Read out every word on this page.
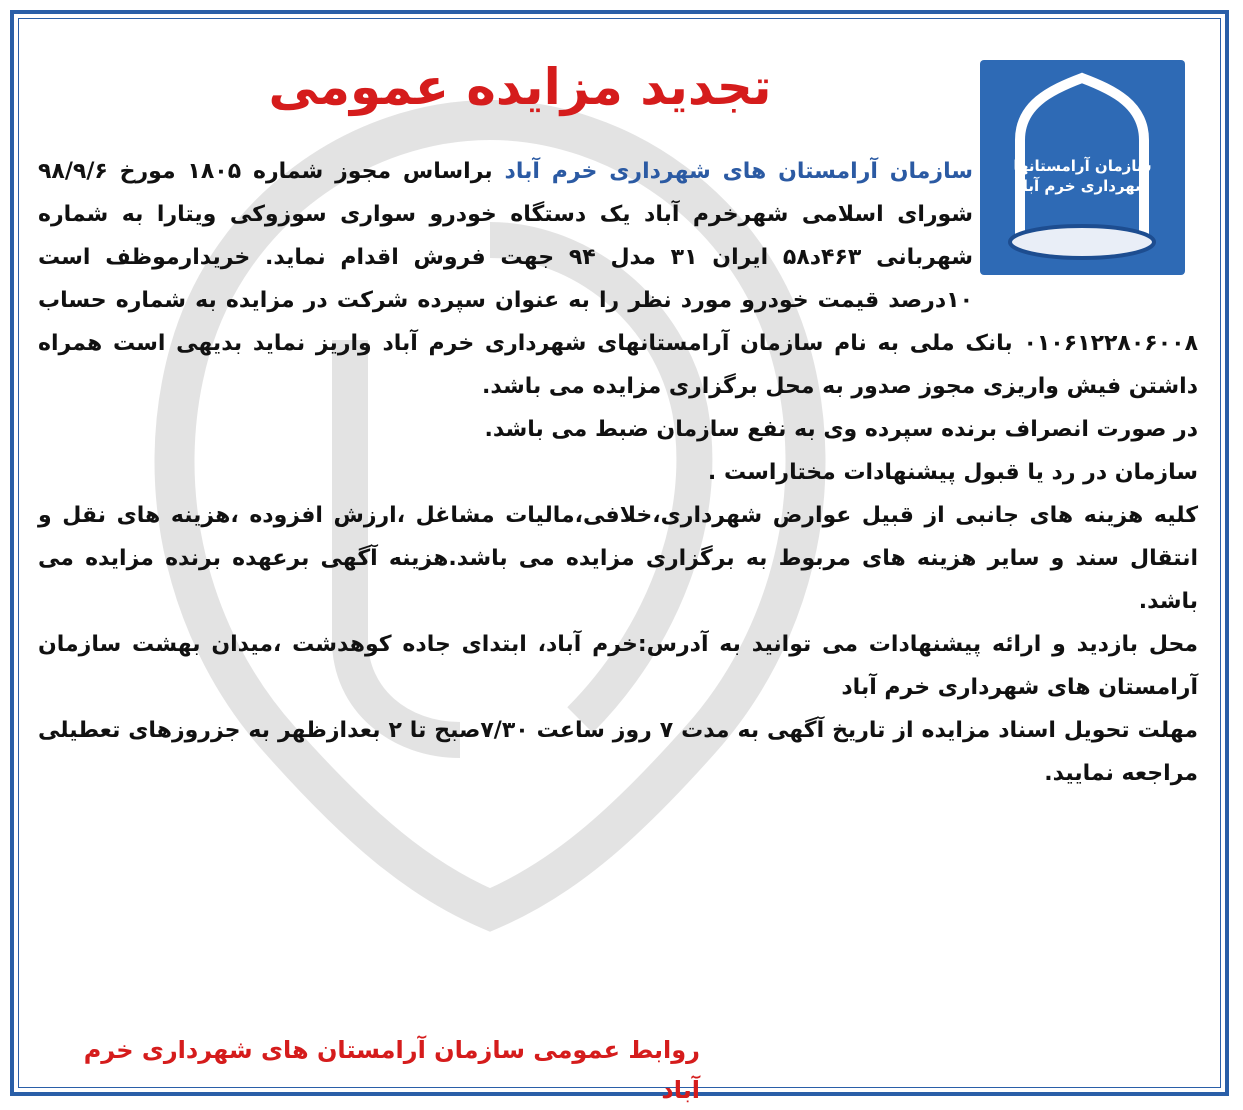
تجدید مزایده عمومی
سازمان آرامستانها شهرداری خرم آباد

سازمان آرامستان های شهرداری خرم آباد براساس مجوز شماره ۱۸۰۵ مورخ ۹۸/۹/۶ شورای اسلامی شهرخرم آباد یک دستگاه خودرو سواری سوزوکی ویتارا به شماره شهربانی ۴۶۳د۵۸ ایران ۳۱ مدل ۹۴ جهت فروش اقدام نماید. خریدارموظف است ۱۰درصد قیمت خودرو مورد نظر را به عنوان سپرده شرکت در مزایده به شماره حساب ۰۱۰۶۱۲۲۸۰۶۰۰۸ بانک ملی به نام سازمان آرامستانهای شهرداری خرم آباد واریز نماید بدیهی است همراه داشتن فیش واریزی مجوز صدور به محل برگزاری مزایده می باشد.

در صورت انصراف برنده سپرده وی به نفع سازمان ضبط می باشد.

سازمان در رد یا قبول پیشنهادات مختاراست .

کلیه هزینه های جانبی از قبیل عوارض شهرداری،خلافی،مالیات مشاغل ،ارزش افزوده ،هزینه های نقل و انتقال سند و سایر هزینه های مربوط به برگزاری مزایده می باشد.هزینه آگهی برعهده برنده مزایده می باشد.

محل بازدید و ارائه پیشنهادات می توانید به آدرس:خرم آباد، ابتدای جاده کوهدشت ،میدان بهشت سازمان آرامستان های شهرداری خرم آباد

مهلت تحویل اسناد مزایده از تاریخ آگهی به مدت ۷ روز ساعت ۷/۳۰صبح تا ۲ بعدازظهر به جزروزهای تعطیلی مراجعه نمایید.

روابط عمومی سازمان آرامستان های شهرداری خرم آباد
